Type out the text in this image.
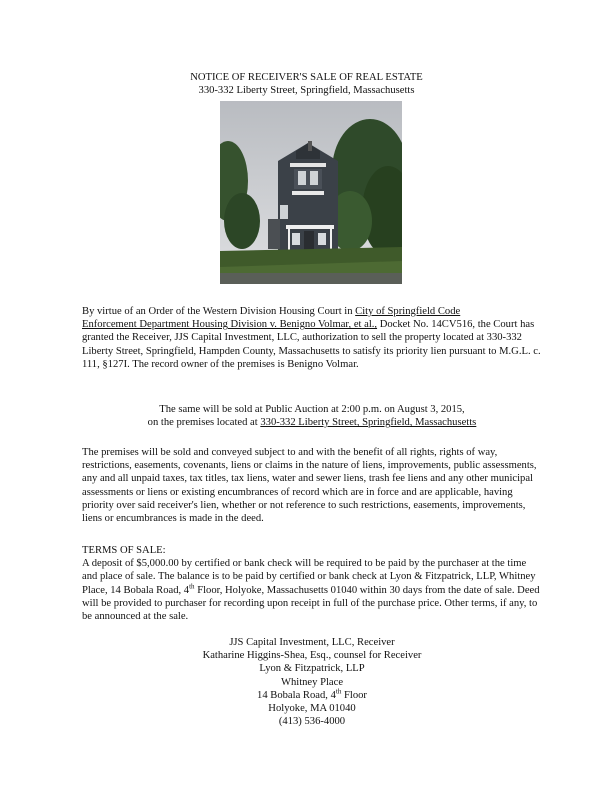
NOTICE OF RECEIVER'S SALE OF REAL ESTATE
330-332 Liberty Street, Springfield, Massachusetts
By virtue of an Order of the Western Division Housing Court in City of Springfield Code
Enforcement Department Housing Division v. Benigno Volmar, et al., Docket No. 14CV516, the Court has granted the Receiver, JJS Capital Investment, LLC, authorization to sell the property located at 330-332 Liberty Street, Springfield, Hampden County, Massachusetts to satisfy its priority lien pursuant to M.G.L. c. 111, §127I. The record owner of the premises is Benigno Volmar.
The same will be sold at Public Auction at 2:00 p.m. on August 3, 2015,
on the premises located at 330-332 Liberty Street, Springfield, Massachusetts
The premises will be sold and conveyed subject to and with the benefit of all rights, rights of way, restrictions, easements, covenants, liens or claims in the nature of liens, improvements, public assessments, any and all unpaid taxes, tax titles, tax liens, water and sewer liens, trash fee liens and any other municipal assessments or liens or existing encumbrances of record which are in force and are applicable, having priority over said receiver's lien, whether or not reference to such restrictions, easements, improvements, liens or encumbrances is made in the deed.
TERMS OF SALE:
A deposit of $5,000.00 by certified or bank check will be required to be paid by the purchaser at the time and place of sale. The balance is to be paid by certified or bank check at Lyon & Fitzpatrick, LLP, Whitney Place, 14 Bobala Road, 4th Floor, Holyoke, Massachusetts 01040 within 30 days from the date of sale. Deed will be provided to purchaser for recording upon receipt in full of the purchase price. Other terms, if any, to be announced at the sale.
JJS Capital Investment, LLC, Receiver
Katharine Higgins-Shea, Esq., counsel for Receiver
Lyon & Fitzpatrick, LLP
Whitney Place
14 Bobala Road, 4th Floor
Holyoke, MA 01040
(413) 536-4000
